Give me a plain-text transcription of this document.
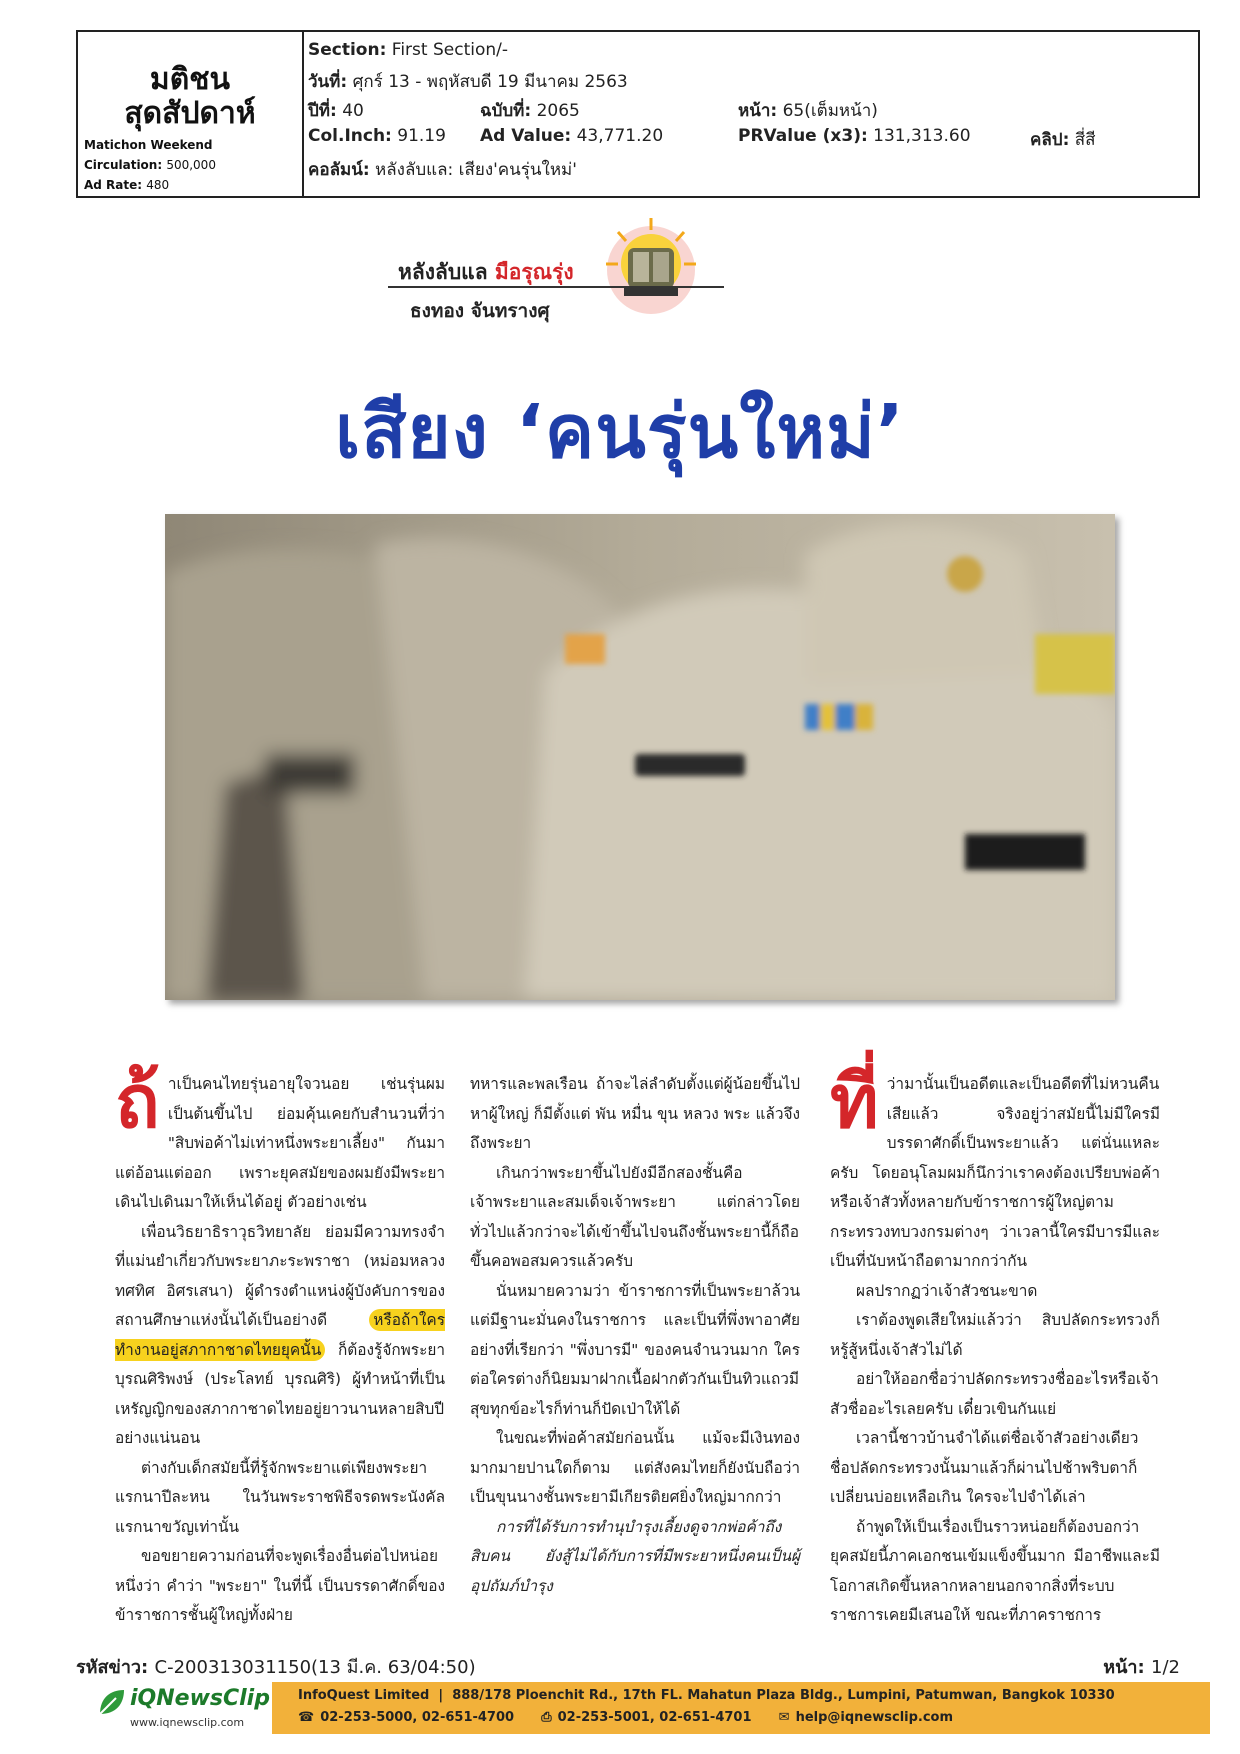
มติชน
สุดสัปดาห์
Matichon Weekend
Circulation: 500,000
Ad Rate: 480
Section: First Section/-
วันที่: ศุกร์ 13 - พฤหัสบดี 19 มีนาคม 2563
ปีที่: 40	ฉบับที่: 2065	หน้า: 65(เต็มหน้า)
Col.Inch: 91.19 Ad Value: 43,771.20	PRValue (x3): 131,313.60	คลิป: สี่สี
คอลัมน์: หลังลับแล: เสียง'คนรุ่นใหม่'
หลังลับแล มือรุณรุ่ง
ธงทอง จันทรางศุ
เสียง ‘คนรุ่นใหม่’

ถ้าเป็นคนไทยรุ่นอายุใจวนอย เช่นรุ่นผมเป็นต้นขึ้นไป ย่อมคุ้นเคยกับสำนวนที่ว่า "สิบพ่อค้าไม่เท่าหนึ่งพระยาเลี้ยง" กันมาแต่อ้อนแต่ออก เพราะยุคสมัยของผมยังมีพระยาเดินไปเดินมาให้เห็นได้อยู่ ตัวอย่างเช่น

เพื่อนวิธยาธิราวุธวิทยาลัย ย่อมมีความทรงจำที่แม่นยำเกี่ยวกับพระยาภะระพราชา (หม่อมหลวงทศทิศ อิศรเสนา) ผู้ดำรงตำแหน่งผู้บังคับการของสถานศึกษาแห่งนั้นได้เป็นอย่างดี	หรือถ้าใครทำงานอยู่สภากาชาดไทยยุคนั้น ก็ต้องรู้จักพระยาบุรณศิริพงษ์ (ประโลทย์ บุรณศิริ) ผู้ทำหน้าที่เป็นเหรัญญิกของสภากาชาดไทยอยู่ยาวนานหลายสิบปีอย่างแน่นอน

ต่างกับเด็กสมัยนี้ที่รู้จักพระยาแต่เพียงพระยาแรกนาปีละหน ในวันพระราชพิธีจรดพระนังคัลแรกนาขวัญเท่านั้น

ขอขยายความก่อนที่จะพูดเรื่องอื่นต่อไปหน่อยหนึ่งว่า คำว่า "พระยา" ในที่นี้ เป็นบรรดาศักดิ์ของข้าราชการชั้นผู้ใหญ่ทั้งฝ่าย

ทหารและพลเรือน ถ้าจะไล่ลำดับตั้งแต่ผู้น้อยขึ้นไปหาผู้ใหญ่ ก็มีตั้งแต่ พัน หมื่น ขุน หลวง พระ แล้วจึงถึงพระยา

เกินกว่าพระยาขึ้นไปยังมีอีกสองชั้นคือ เจ้าพระยาและสมเด็จเจ้าพระยา แต่กล่าวโดยทั่วไปแล้วกว่าจะได้เข้าขึ้นไปจนถึงชั้นพระยานี้ก็ถือขึ้นคอพอสมควรแล้วครับ

นั่นหมายความว่า ข้าราชการที่เป็นพระยาล้วนแต่มีฐานะมั่นคงในราชการ และเป็นที่พึ่งพาอาศัยอย่างที่เรียกว่า "พึ่งบารมี" ของคนจำนวนมาก ใครต่อใครต่างก็นิยมมาฝากเนื้อฝากตัวกันเป็นทิวแถวมีสุขทุกข์อะไรก็ท่านก็ปัดเป่าให้ได้

ในขณะที่พ่อค้าสมัยก่อนนั้น แม้จะมีเงินทองมากมายปานใดก็ตาม แต่สังคมไทยก็ยังนับถือว่าเป็นขุนนางชั้นพระยามีเกียรติยศยิ่งใหญ่มากกว่า

การที่ได้รับการทำนุบำรุงเลี้ยงดูจากพ่อค้าถึงสิบคน ยังสู้ไม่ได้กับการที่มีพระยาหนึ่งคนเป็นผู้อุปถัมภ์บำรุง

ที่ว่ามานั้นเป็นอดีตและเป็นอดีตที่ไม่หวนคืนเสียแล้ว จริงอยู่ว่าสมัยนี้ไม่มีใครมีบรรดาศักดิ์เป็นพระยาแล้ว แต่นั่นแหละครับ โดยอนุโลมผมก็นึกว่าเราคงต้องเปรียบพ่อค้าหรือเจ้าสัวทั้งหลายกับข้าราชการผู้ใหญ่ตามกระทรวงทบวงกรมต่างๆ ว่าเวลานี้ใครมีบารมีและเป็นที่นับหน้าถือตามากกว่ากัน

ผลปรากฏว่าเจ้าสัวชนะขาด

เราต้องพูดเสียใหม่แล้วว่า สิบปลัดกระทรวงก็หรู้สู้หนึ่งเจ้าสัวไม่ได้

อย่าให้ออกชื่อว่าปลัดกระทรวงชื่ออะไรหรือเจ้าสัวชื่ออะไรเลยครับ เดี๋ยวเขินกันแย่

เวลานี้ชาวบ้านจำได้แต่ชื่อเจ้าสัวอย่างเดียว ชื่อปลัดกระทรวงนั้นมาแล้วก็ผ่านไปช้าพริบตาก็เปลี่ยนบ่อยเหลือเกิน ใครจะไปจำได้เล่า

ถ้าพูดให้เป็นเรื่องเป็นราวหน่อยก็ต้องบอกว่า ยุคสมัยนี้ภาคเอกชนเข้มแข็งขึ้นมาก มีอาชีพและมีโอกาสเกิดขึ้นหลากหลายนอกจากสิ่งที่ระบบราชการเคยมีเสนอให้ ขณะที่ภาคราชการ

รหัสข่าว: C-200313031150(13 มี.ค. 63/04:50)	หน้า: 1/2
iQNewsClip
www.iqnewsclip.com
InfoQuest Limited  |  888/178 Ploenchit Rd., 17th FL. Mahatun Plaza Bldg., Lumpini, Patumwan, Bangkok 10330
☎ 02-253-5000, 02-651-4700 ⎙ 02-253-5001, 02-651-4701 ✉ help@iqnewsclip.com
